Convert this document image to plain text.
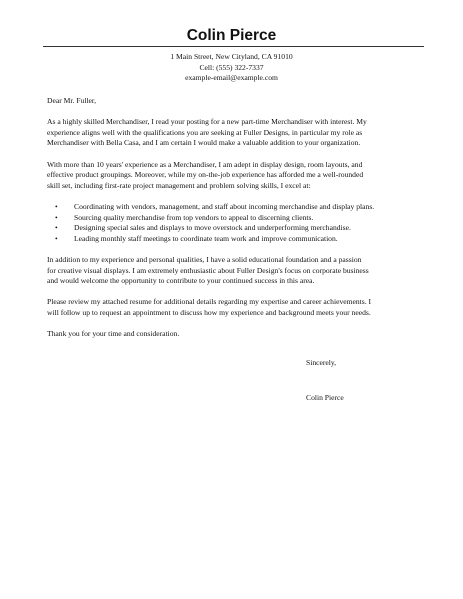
Colin Pierce
1 Main Street, New Cityland, CA 91010
Cell: (555) 322-7337
example-email@example.com

Dear Mr. Fuller,

As a highly skilled Merchandiser, I read your posting for a new part-time Merchandiser with interest. My
experience aligns well with the qualifications you are seeking at Fuller Designs, in particular my role as
Merchandiser with Bella Casa, and I am certain I would make a valuable addition to your organization.

With more than 10 years' experience as a Merchandiser, I am adept in display design, room layouts, and
effective product groupings. Moreover, while my on-the-job experience has afforded me a well-rounded
skill set, including first-rate project management and problem solving skills, I excel at:

• Coordinating with vendors, management, and staff about incoming merchandise and display plans.
• Sourcing quality merchandise from top vendors to appeal to discerning clients.
• Designing special sales and displays to move overstock and underperforming merchandise.
• Leading monthly staff meetings to coordinate team work and improve communication.

In addition to my experience and personal qualities, I have a solid educational foundation and a passion
for creative visual displays. I am extremely enthusiastic about Fuller Design's focus on corporate business
and would welcome the opportunity to contribute to your continued success in this area.

Please review my attached resume for additional details regarding my expertise and career achievements. I
will follow up to request an appointment to discuss how my experience and background meets your needs.

Thank you for your time and consideration.

Sincerely,
Colin Pierce
